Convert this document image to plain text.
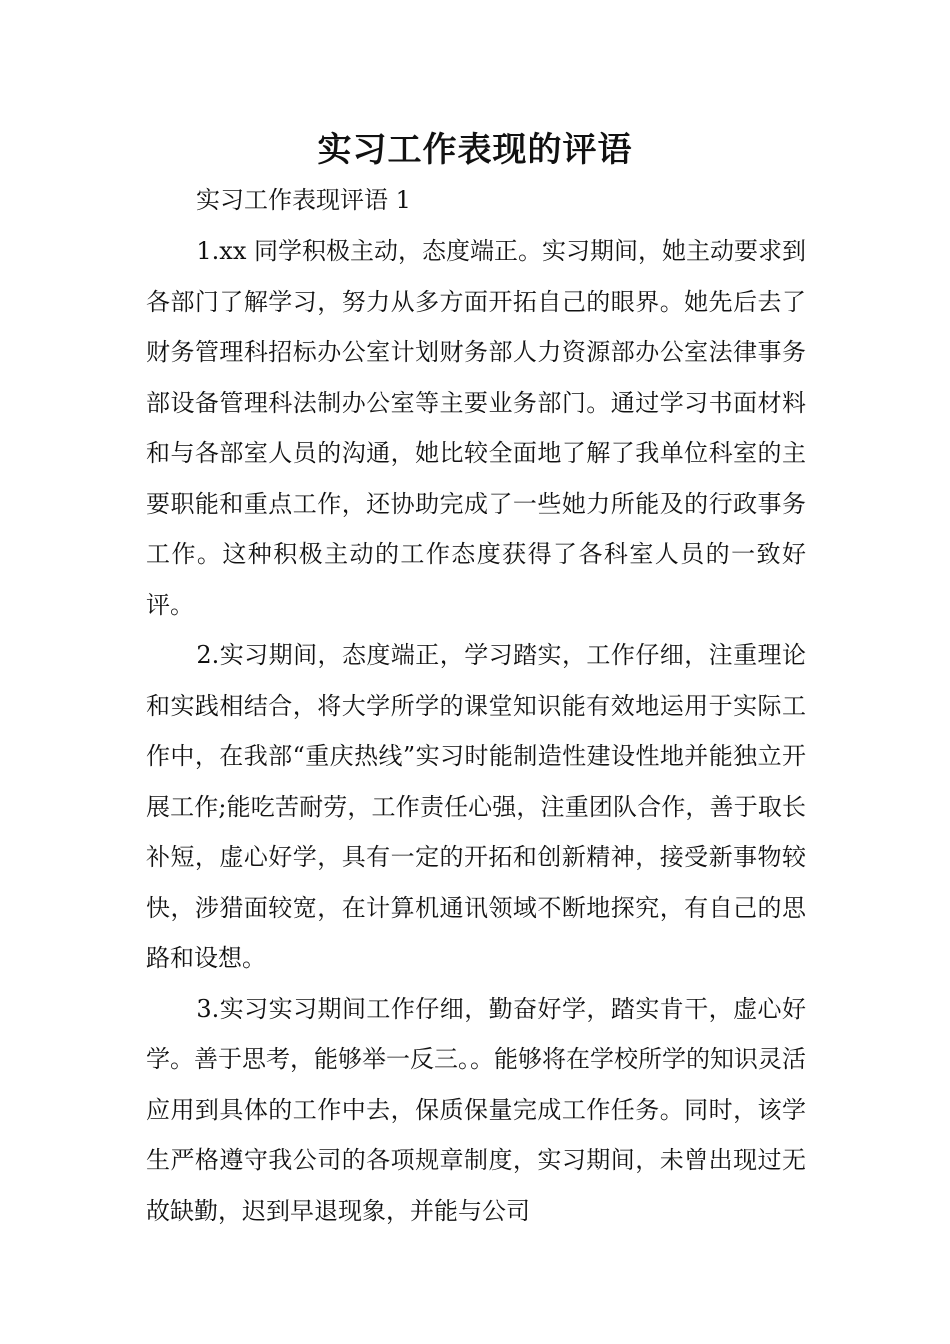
实习工作表现的评语

实习工作表现评语 1

1.xx 同学积极主动，态度端正。实习期间，她主动要求到各部门了解学习，努力从多方面开拓自己的眼界。她先后去了财务管理科招标办公室计划财务部人力资源部办公室法律事务部设备管理科法制办公室等主要业务部门。通过学习书面材料和与各部室人员的沟通，她比较全面地了解了我单位科室的主要职能和重点工作，还协助完成了一些她力所能及的行政事务工作。这种积极主动的工作态度获得了各科室人员的一致好评。

2.实习期间，态度端正，学习踏实，工作仔细，注重理论和实践相结合，将大学所学的课堂知识能有效地运用于实际工作中，在我部“重庆热线”实习时能制造性建设性地并能独立开展工作;能吃苦耐劳，工作责任心强，注重团队合作，善于取长补短，虚心好学，具有一定的开拓和创新精神，接受新事物较快，涉猎面较宽，在计算机通讯领域不断地探究，有自己的思路和设想。

3.实习实习期间工作仔细，勤奋好学，踏实肯干，虚心好学。善于思考，能够举一反三。。能够将在学校所学的知识灵活应用到具体的工作中去，保质保量完成工作任务。同时，该学生严格遵守我公司的各项规章制度，实习期间，未曾出现过无故缺勤，迟到早退现象，并能与公司
